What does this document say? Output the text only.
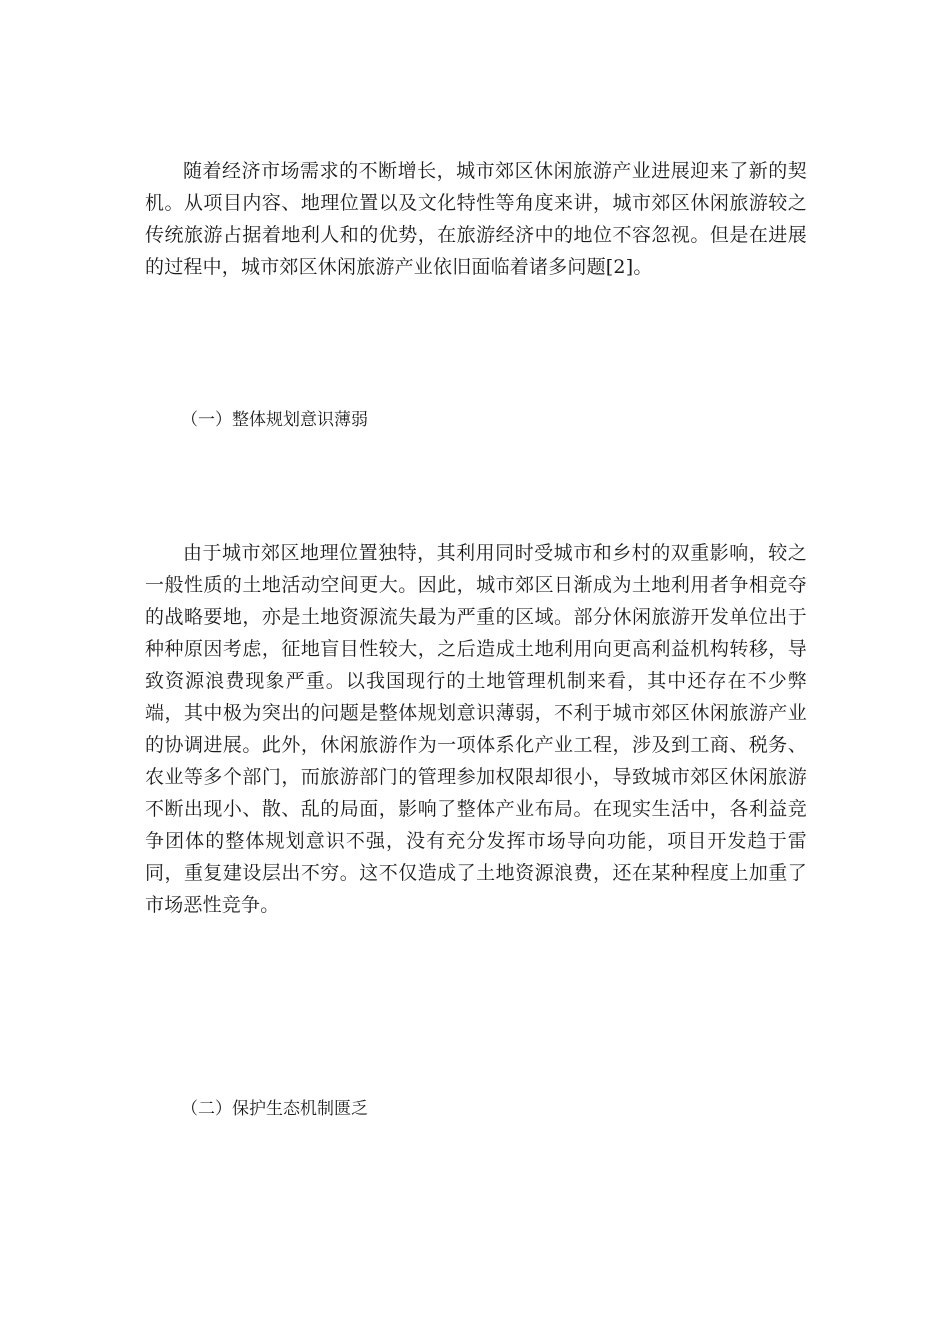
随着经济市场需求的不断增长，城市郊区休闲旅游产业进展迎来了新的契机。从项目内容、地理位置以及文化特性等角度来讲，城市郊区休闲旅游较之传统旅游占据着地利人和的优势，在旅游经济中的地位不容忽视。但是在进展的过程中，城市郊区休闲旅游产业依旧面临着诸多问题[2]。

（一）整体规划意识薄弱

由于城市郊区地理位置独特，其利用同时受城市和乡村的双重影响，较之一般性质的土地活动空间更大。因此，城市郊区日渐成为土地利用者争相竞夺的战略要地，亦是土地资源流失最为严重的区域。部分休闲旅游开发单位出于种种原因考虑，征地盲目性较大，之后造成土地利用向更高利益机构转移，导致资源浪费现象严重。以我国现行的土地管理机制来看，其中还存在不少弊端，其中极为突出的问题是整体规划意识薄弱，不利于城市郊区休闲旅游产业的协调进展。此外，休闲旅游作为一项体系化产业工程，涉及到工商、税务、农业等多个部门，而旅游部门的管理参加权限却很小，导致城市郊区休闲旅游不断出现小、散、乱的局面，影响了整体产业布局。在现实生活中，各利益竞争团体的整体规划意识不强，没有充分发挥市场导向功能，项目开发趋于雷同，重复建设层出不穷。这不仅造成了土地资源浪费，还在某种程度上加重了市场恶性竞争。

（二）保护生态机制匮乏
